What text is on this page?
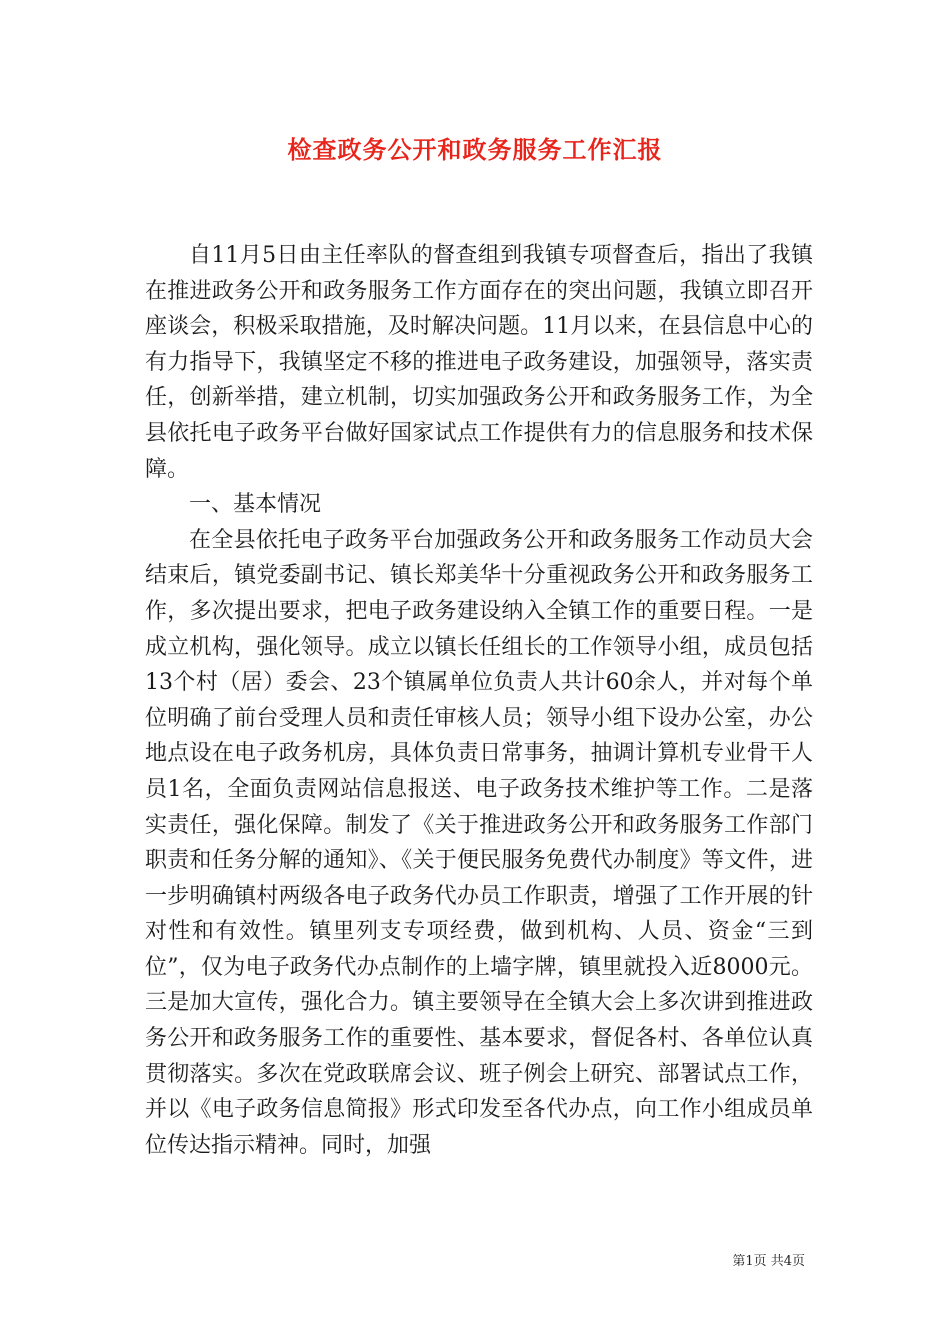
检查政务公开和政务服务工作汇报

自11月5日由主任率队的督查组到我镇专项督查后，指出了我镇在推进政务公开和政务服务工作方面存在的突出问题，我镇立即召开座谈会，积极采取措施，及时解决问题。11月以来，在县信息中心的有力指导下，我镇坚定不移的推进电子政务建设，加强领导，落实责任，创新举措，建立机制，切实加强政务公开和政务服务工作，为全县依托电子政务平台做好国家试点工作提供有力的信息服务和技术保障。

一、基本情况

在全县依托电子政务平台加强政务公开和政务服务工作动员大会结束后，镇党委副书记、镇长郑美华十分重视政务公开和政务服务工作，多次提出要求，把电子政务建设纳入全镇工作的重要日程。一是成立机构，强化领导。成立以镇长任组长的工作领导小组，成员包括13个村（居）委会、23个镇属单位负责人共计60余人，并对每个单位明确了前台受理人员和责任审核人员；领导小组下设办公室，办公地点设在电子政务机房，具体负责日常事务，抽调计算机专业骨干人员1名，全面负责网站信息报送、电子政务技术维护等工作。二是落实责任，强化保障。制发了《关于推进政务公开和政务服务工作部门职责和任务分解的通知》、《关于便民服务免费代办制度》等文件，进一步明确镇村两级各电子政务代办员工作职责，增强了工作开展的针对性和有效性。镇里列支专项经费，做到机构、人员、资金“三到位”，仅为电子政务代办点制作的上墙字牌，镇里就投入近8000元。三是加大宣传，强化合力。镇主要领导在全镇大会上多次讲到推进政务公开和政务服务工作的重要性、基本要求，督促各村、各单位认真贯彻落实。多次在党政联席会议、班子例会上研究、部署试点工作，并以《电子政务信息简报》形式印发至各代办点，向工作小组成员单位传达指示精神。同时，加强

第1页 共4页
